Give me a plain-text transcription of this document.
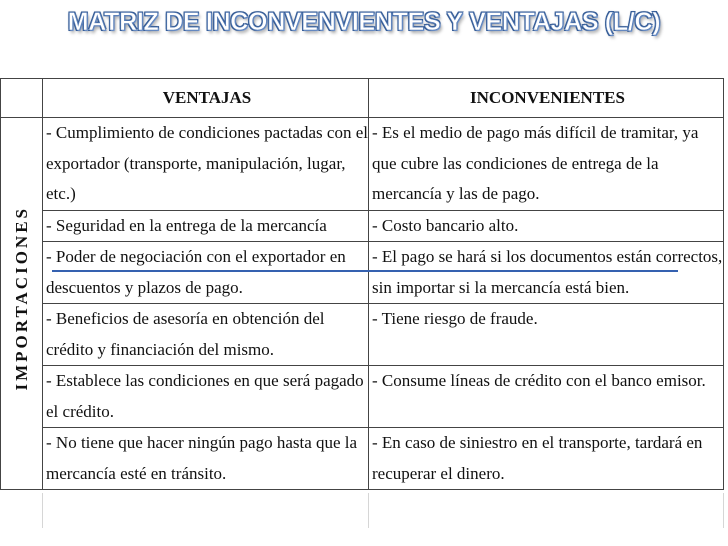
MATRIZ DE INCONVENVIENTES Y VENTAJAS (L/C)
	VENTAJAS	INCONVENIENTES
IMPORTACIONES	- Cumplimiento de condiciones pactadas con el exportador (transporte, manipulación, lugar, etc.)	- Es el medio de pago más difícil de tramitar, ya que cubre las condiciones de entrega de la mercancía y las de pago.
	- Seguridad en la entrega de la mercancía	- Costo bancario alto.
	- Poder de negociación con el exportador en descuentos y plazos de pago.	- El pago se hará si los documentos están correctos, sin importar si la mercancía está bien.
	- Beneficios de asesoría en obtención del crédito y financiación del mismo.	- Tiene riesgo de fraude.
	- Establece las condiciones en que será pagado el crédito.	- Consume líneas de crédito con el banco emisor.
	- No tiene que hacer ningún pago hasta que la mercancía esté en tránsito.	- En caso de siniestro en el transporte, tardará en recuperar el dinero.
